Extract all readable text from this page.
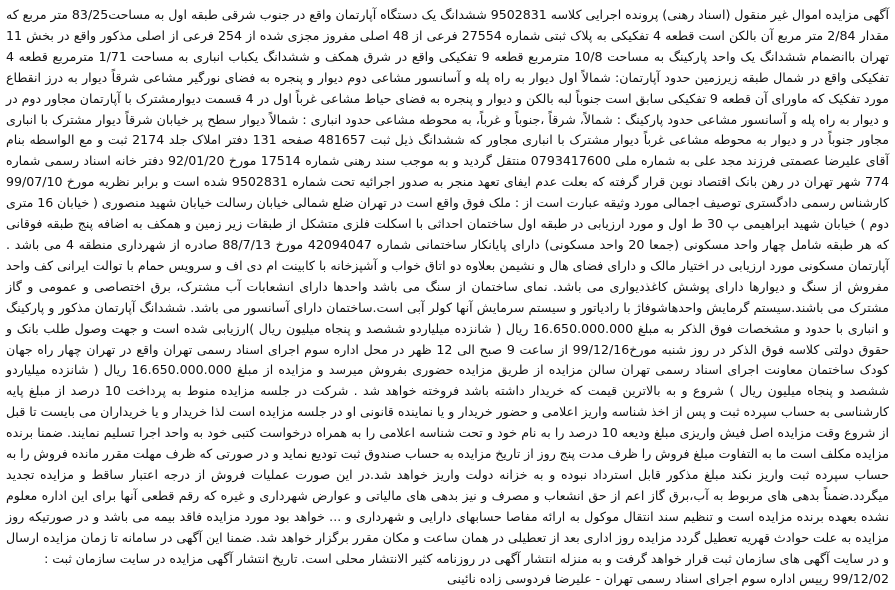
آگهی مزایده اموال غیر منقول (اسناد رهنی) پرونده اجرایی کلاسه 9502831 ششدانگ یک دستگاه آپارتمان واقع در جنوب شرقی طبقه اول به مساحت83/25 متر مربع که مقدار 2/84 متر مربع آن بالکن است قطعه 4 تفکیکی به پلاک ثبتی شماره 27554 فرعی از 48 اصلی مفروز مجزی شده از 254 فرعی از اصلی مذکور واقع در بخش 11 تهران باانضمام ششدانگ یک واحد پارکینگ به مساحت 10/8 مترمربع قطعه 9 تفکیکی واقع در شرق همکف و ششدانگ یکباب انباری به مساحت 1/71 مترمربع قطعه 4 تفکیکی واقع در شمال طبقه زیرزمین حدود آپارتمان: شمالاً اول دیوار به راه پله و آسانسور مشاعی دوم دیوار و پنجره به فضای نورگیر مشاعی شرقاً دیوار به درز انقطاع مورد تفکیک که ماورای آن قطعه 9 تفکیکی سابق است جنوباً لبه بالکن و دیوار و پنجره به فضای حیاط مشاعی غرباً اول در 4 قسمت دیوارمشترک با آپارتمان مجاور دوم در و دیوار به راه پله و آسانسور مشاعی حدود پارکینگ : شمالاً، شرقاً ،جنوباً و غرباً، به محوطه مشاعی حدود انباری : شمالاً دیوار سطح پر خیابان شرقاً دیوار مشترک با انباری مجاور جنوباً در و دیوار به محوطه مشاعی غرباً دیوار مشترک با انباری مجاور که ششدانگ ذیل ثبت 481657 صفحه 131 دفتر املاک جلد 2174 ثبت و مع الواسطه بنام آقای علیرضا عصمتی فرزند مجد علی به شماره ملی 0793417600 منتقل گردید و به موجب سند رهنی شماره 17514 مورخ 92/01/20 دفتر خانه اسناد رسمی شماره 774 شهر تهران در رهن بانک اقتصاد نوین قرار گرفته که بعلت عدم ایفای تعهد منجر به صدور اجرائیه تحت شماره 9502831 شده است و برابر نظریه مورخ 99/07/10 کارشناس رسمی دادگستری توصیف اجمالی مورد وثیقه عبارت است از : ملک فوق واقع است در تهران ضلع شمالی خیابان رسالت خیابان شهید منصوری ( خیابان 16 متری دوم ) خیابان شهید ابراهیمی پ 30 ط اول و مورد ارزیابی در طبقه اول ساختمان احداثی با اسکلت فلزی متشکل از طبقات زیر زمین و همکف به اضافه پنج طبقه فوقانی که هر طبقه شامل چهار واحد مسکونی (جمعا 20 واحد مسکونی) دارای پایانکار ساختمانی شماره 42094047 مورخ 88/7/13 صادره از شهرداری منطقه 4 می باشد . آپارتمان مسکونی مورد ارزیابی در اختیار مالک و دارای فضای هال و نشیمن بعلاوه دو اتاق خواب و آشپزخانه با کابینت ام دی اف و سرویس حمام با توالت ایرانی کف واحد مفروش از سنگ و دیوارها دارای پوشش کاغذدیواری می باشد. نمای ساختمان از سنگ می باشد واحدها دارای انشعابات آب مشترک، برق اختصاصی و عمومی و گاز مشترک می باشند.سیستم گرمایش واحدهاشوفاژ با رادیاتور و سیستم سرمایش آنها کولر آبی است.ساختمان دارای آسانسور می باشد. ششدانگ آپارتمان مذکور و پارکینگ و انباری با حدود و مشخصات فوق الذکر به مبلغ 16.650.000.000 ریال ( شانزده میلیاردو ششصد و پنجاه میلیون ریال )ارزیابی شده است و جهت وصول طلب بانک و حقوق دولتی کلاسه فوق الذکر در روز شنبه مورخ99/12/16 از ساعت 9 صبح الی 12 ظهر در محل اداره سوم اجرای اسناد رسمی تهران واقع در تهران چهار راه جهان کودک ساختمان معاونت اجرای اسناد رسمی تهران سالن مزایده از طریق مزایده حضوری بفروش میرسد و مزایده از مبلغ 16.650.000.000 ریال ( شانزده میلیاردو ششصد و پنجاه میلیون ریال ) شروع و به بالاترین قیمت که خریدار داشته باشد فروخته خواهد شد . شرکت در جلسه مزایده منوط به پرداخت 10 درصد از مبلغ پایه کارشناسی به حساب سپرده ثبت و پس از اخذ شناسه واریز اعلامی و حضور خریدار و یا نماینده قانونی او در جلسه مزایده است لذا خریدار و یا خریداران می بایست تا قبل از شروع وقت مزایده اصل فیش واریزی مبلغ ودیعه 10 درصد را به نام خود و تحت شناسه اعلامی را به همراه درخواست کتبی خود به واحد اجرا تسلیم نمایند. ضمنا برنده مزایده مکلف است ما به التفاوت مبلغ فروش را ظرف مدت پنج روز از تاریخ مزایده به حساب صندوق ثبت تودیع نماید و در صورتی که ظرف مهلت مقرر مانده فروش را به حساب سپرده ثبت واریز نکند مبلغ مذکور قابل استرداد نبوده و به خزانه دولت واریز خواهد شد.در این صورت عملیات فروش از درجه اعتبار ساقط و مزایده تجدید میگردد.ضمناً بدهی های مربوط به آب،برق گاز اعم از حق انشعاب و مصرف و نیز بدهی های مالیاتی و عوارض شهرداری و غیره که رقم قطعی آنها برای این اداره معلوم نشده بعهده برنده مزایده است و تنظیم سند انتقال موکول به ارائه مفاصا حسابهای دارایی و شهرداری و ... خواهد بود مورد مزایده فاقد بیمه می باشد و در صورتیکه روز مزایده به علت حوادث قهریه تعطیل گردد مزایده روز اداری بعد از تعطیلی در همان ساعت و مکان مقرر برگزار خواهد شد. ضمنا این آگهی در سامانه تا زمان مزایده ارسال و در سایت آگهی های سازمان ثبت قرار خواهد گرفت و به منزله انتشار آگهی در روزنامه کثیر الانتشار محلی است. تاریخ انتشار آگهی مزایده در سایت سازمان ثبت :

99/12/02 رییس اداره سوم اجرای اسناد رسمی تهران - علیرضا فردوسی زاده نائینی
